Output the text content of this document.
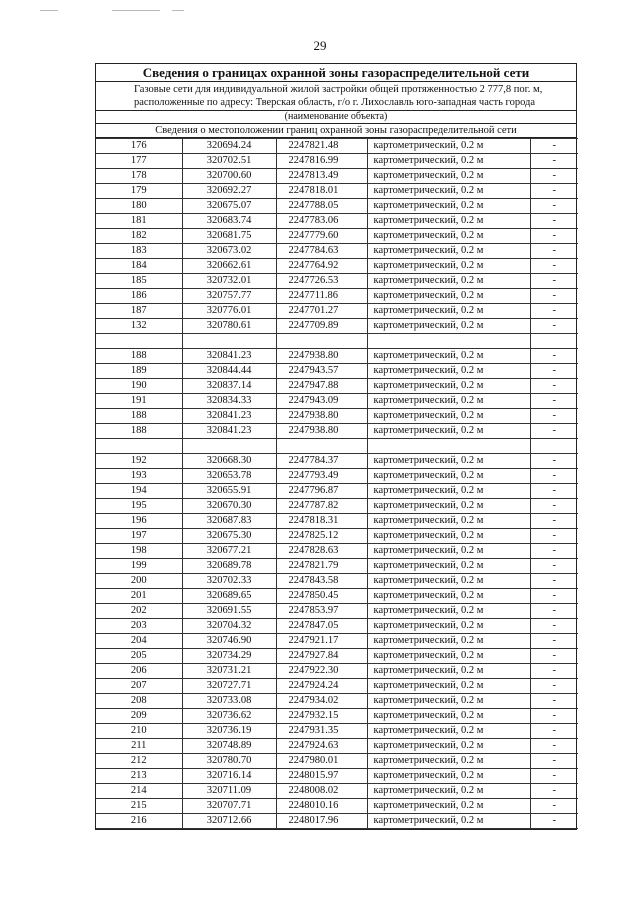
29
Сведения о границах охранной зоны газораспределительной сети
Газовые сети для индивидуальной жилой застройки общей протяженностью 2 777,8 пог. м,
расположенные по адресу: Тверская область, г/о г. Лихославль юго-западная часть города
(наименование объекта)
Сведения о местоположении границ охранной зоны газораспределительной сети
176	320694.24	2247821.48	картометрический, 0.2 м	-
177	320702.51	2247816.99	картометрический, 0.2 м	-
178	320700.60	2247813.49	картометрический, 0.2 м	-
179	320692.27	2247818.01	картометрический, 0.2 м	-
180	320675.07	2247788.05	картометрический, 0.2 м	-
181	320683.74	2247783.06	картометрический, 0.2 м	-
182	320681.75	2247779.60	картометрический, 0.2 м	-
183	320673.02	2247784.63	картометрический, 0.2 м	-
184	320662.61	2247764.92	картометрический, 0.2 м	-
185	320732.01	2247726.53	картометрический, 0.2 м	-
186	320757.77	2247711.86	картометрический, 0.2 м	-
187	320776.01	2247701.27	картометрический, 0.2 м	-
132	320780.61	2247709.89	картометрический, 0.2 м	-

188	320841.23	2247938.80	картометрический, 0.2 м	-
189	320844.44	2247943.57	картометрический, 0.2 м	-
190	320837.14	2247947.88	картометрический, 0.2 м	-
191	320834.33	2247943.09	картометрический, 0.2 м	-
188	320841.23	2247938.80	картометрический, 0.2 м	-
188	320841.23	2247938.80	картометрический, 0.2 м	-

192	320668.30	2247784.37	картометрический, 0.2 м	-
193	320653.78	2247793.49	картометрический, 0.2 м	-
194	320655.91	2247796.87	картометрический, 0.2 м	-
195	320670.30	2247787.82	картометрический, 0.2 м	-
196	320687.83	2247818.31	картометрический, 0.2 м	-
197	320675.30	2247825.12	картометрический, 0.2 м	-
198	320677.21	2247828.63	картометрический, 0.2 м	-
199	320689.78	2247821.79	картометрический, 0.2 м	-
200	320702.33	2247843.58	картометрический, 0.2 м	-
201	320689.65	2247850.45	картометрический, 0.2 м	-
202	320691.55	2247853.97	картометрический, 0.2 м	-
203	320704.32	2247847.05	картометрический, 0.2 м	-
204	320746.90	2247921.17	картометрический, 0.2 м	-
205	320734.29	2247927.84	картометрический, 0.2 м	-
206	320731.21	2247922.30	картометрический, 0.2 м	-
207	320727.71	2247924.24	картометрический, 0.2 м	-
208	320733.08	2247934.02	картометрический, 0.2 м	-
209	320736.62	2247932.15	картометрический, 0.2 м	-
210	320736.19	2247931.35	картометрический, 0.2 м	-
211	320748.89	2247924.63	картометрический, 0.2 м	-
212	320780.70	2247980.01	картометрический, 0.2 м	-
213	320716.14	2248015.97	картометрический, 0.2 м	-
214	320711.09	2248008.02	картометрический, 0.2 м	-
215	320707.71	2248010.16	картометрический, 0.2 м	-
216	320712.66	2248017.96	картометрический, 0.2 м	-
